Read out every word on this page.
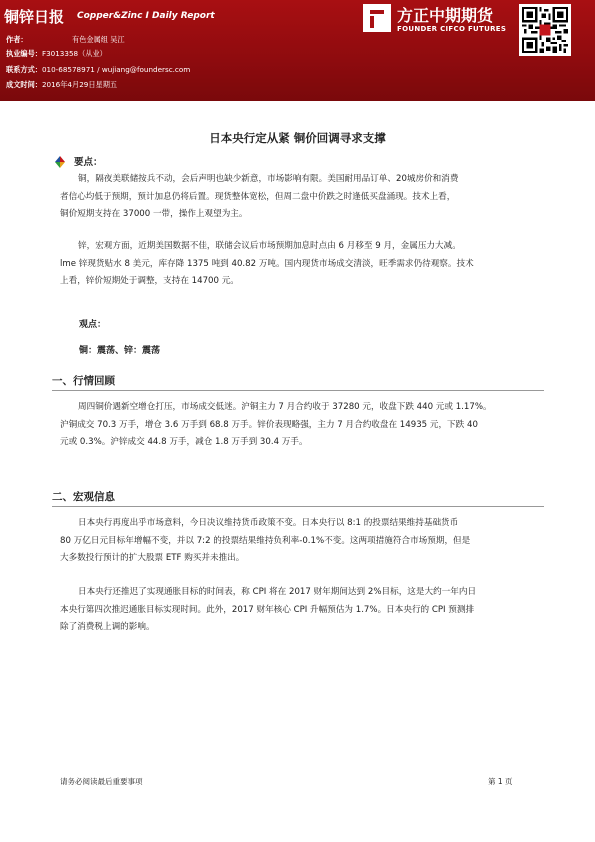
铜锌日报 Copper&Zinc I Daily Report
作者：	有色金属组 吴江
执业编号：F3013358（从业）
联系方式：010-68578971 / wujiang@foundersc.com
成文时间：2016年4月29日星期五
方正中期期货
FOUNDER CIFCO FUTURES
更多精彩内容请关注方正中期官方微信
日本央行定从紧 铜价回调寻求支撑
要点：
铜，隔夜美联储按兵不动，会后声明也缺少新意，市场影响有限。美国耐用品订单、20城房价和消费
者信心均低于预期，预计加息仍将后置。现货整体宽松，但周二盘中价跌之时逢低买盘涌现。技术上看，
铜价短期支持在 37000 一带，操作上观望为主。
锌，宏观方面，近期美国数据不佳，联储会议后市场预期加息时点由 6 月移至 9 月，金属压力大减。
lme 锌现货贴水 8 美元，库存降 1375 吨到 40.82 万吨。国内现货市场成交清淡，旺季需求仍待观察。技术
上看，锌价短期处于调整，支持在 14700 元。
观点：
铜：震荡、锌：震荡
一、行情回顾
周四铜价遇新空增仓打压，市场成交低迷。沪铜主力 7 月合约收于 37280 元，收盘下跌 440 元或 1.17%。
沪铜成交 70.3 万手，增仓 3.6 万手到 68.8 万手。锌价表现略强，主力 7 月合约收盘在 14935 元，下跌 40
元或 0.3%。沪锌成交 44.8 万手，减仓 1.8 万手到 30.4 万手。
二、宏观信息
日本央行再度出乎市场意料，今日决议维持货币政策不变。日本央行以 8:1 的投票结果维持基础货币
80 万亿日元目标年增幅不变，并以 7:2 的投票结果维持负利率-0.1%不变。这两项措施符合市场预期，但是
大多数投行预计的扩大股票 ETF 购买并未推出。
日本央行还推迟了实现通胀目标的时间表，称 CPI 将在 2017 财年期间达到 2%目标，这是大约一年内日
本央行第四次推迟通胀目标实现时间。此外，2017 财年核心 CPI 升幅预估为 1.7%。日本央行的 CPI 预测排
除了消费税上调的影响。
请务必阅读最后重要事项	第 1 页
